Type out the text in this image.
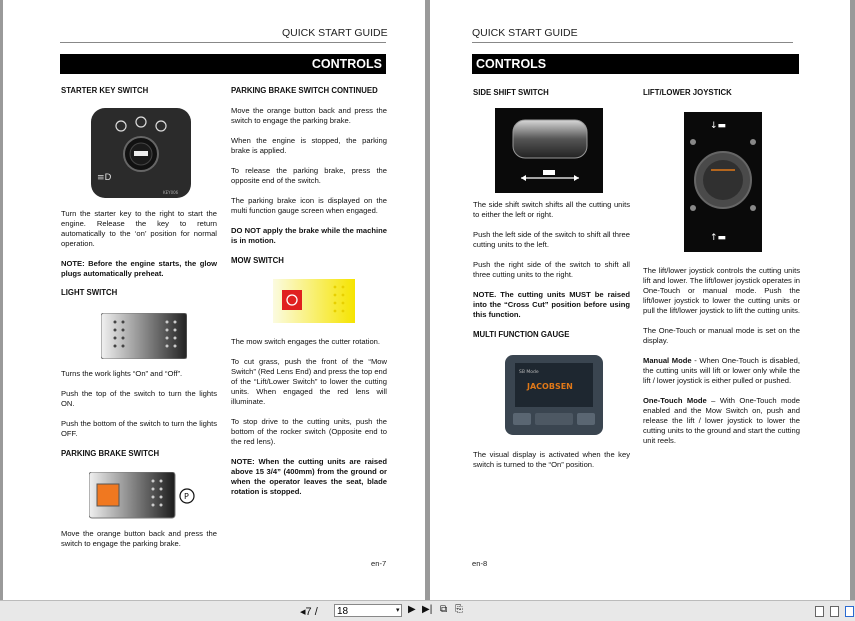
QUICK START GUIDE
CONTROLS
STARTER KEY SWITCH
≡D
KEY006

Turn the starter key to the right to start the engine. Release the key to return automatically to the ‘on’ position for normal operation.

NOTE: Before the engine starts, the glow plugs automatically preheat.

LIGHT SWITCH

Turns the work lights “On” and “Off”.

Push the top of the switch to turn the lights ON.

Push the bottom of the switch to turn the lights OFF.

PARKING BRAKE SWITCH
P

Move the orange button back and press the switch to engage the parking brake.

PARKING BRAKE SWITCH CONTINUED

Move the orange button back and press the switch to engage the parking brake.

When the engine is stopped, the parking brake is applied.

To release the parking brake, press the opposite end of the switch.

The parking brake icon is displayed on the multi function gauge screen when engaged.

DO NOT apply the brake while the machine is in motion.

MOW SWITCH

The mow switch engages the cutter rotation.

To cut grass, push the front of the “Mow Switch” (Red Lens End) and press the top end of the “Lift/Lower Switch” to lower the cutting units. When engaged the red lens will illuminate.

To stop drive to the cutting units, push the bottom of the rocker switch (Opposite end to the red lens).

NOTE: When the cutting units are raised above 15 3/4” (400mm) from the ground or when the operator leaves the seat, blade rotation is stopped.

en-7
QUICK START GUIDE
CONTROLS
SIDE SHIFT SWITCH

The side shift switch shifts all the cutting units to either the left or right.

Push the left side of the switch to shift all three cutting units to the left.

Push the right side of the switch to shift all three cutting units to the right.

NOTE. The cutting units MUST be raised into the “Cross Cut” position before using this function.

MULTI FUNCTION GAUGE
SB Mode
JACOBSEN

The visual display is activated when the key switch is turned to the “On” position.

LIFT/LOWER JOYSTICK
↓▬
↑▬

The lift/lower joystick controls the cutting units lift and lower. The lift/lower joystick operates in One-Touch or manual mode. Push the lift/lower joystick to lower the cutting units or pull the lift/lower joystick to lift the cutting units.

The One-Touch or manual mode is set on the display.

Manual Mode - When One-Touch is disabled, the cutting units will lift or lower only while the lift / lower joystick is either pulled or pushed.

One-Touch Mode – With One-Touch mode enabled and the Mow Switch on, push and release the lift / lower joystick to lower the cutting units to the ground and start the cutting unit reels.

en-8
◂7 /	18	▾ ▶ ▶| ⧉ ⎘
